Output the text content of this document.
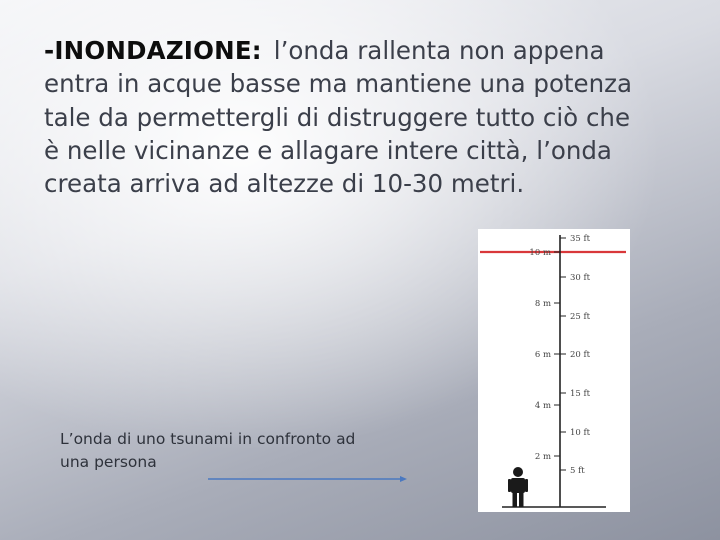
-INONDAZIONE: l’onda rallenta non appena
entra in acque basse ma mantiene una potenza
tale da permettergli di distruggere tutto ciò che
è nelle vicinanze e allagare intere città, l’onda
creata arriva ad altezze di 10-30 metri.

L’onda di uno tsunami in confronto ad
una persona

10 m
8 m
6 m
4 m
2 m
35 ft
30 ft
25 ft
20 ft
15 ft
10 ft
5 ft
